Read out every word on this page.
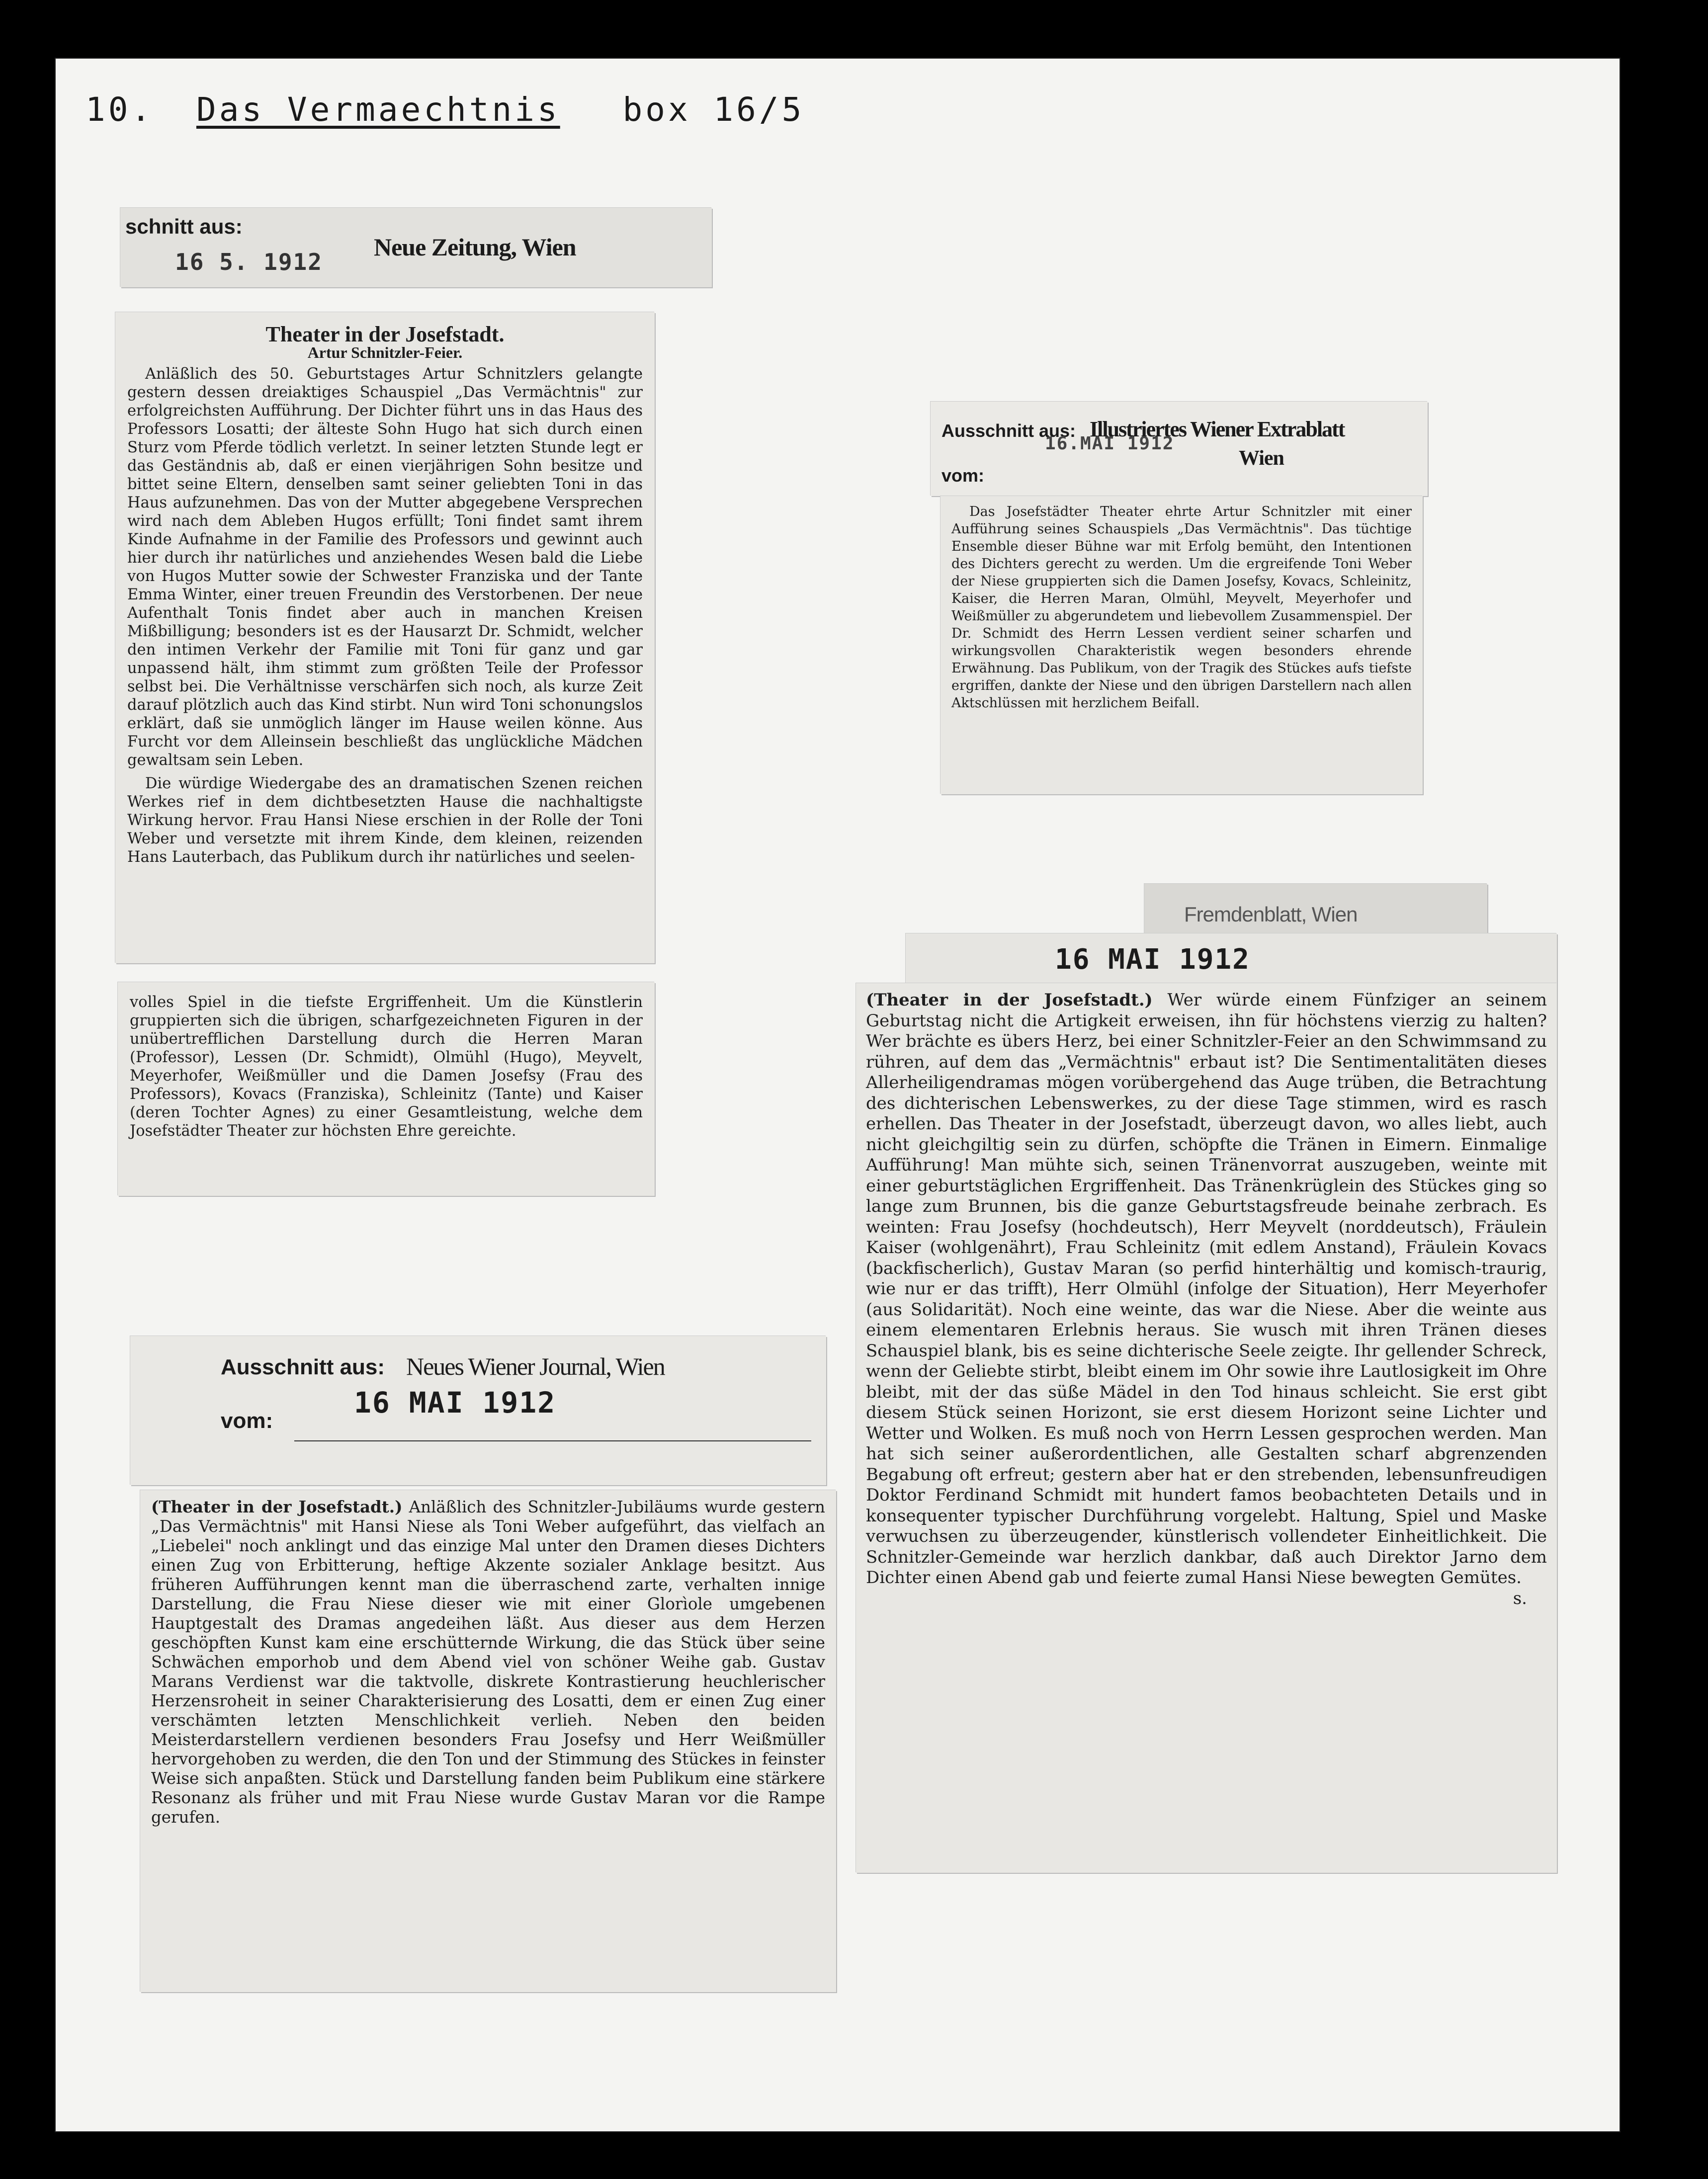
10. Das Vermaechtnis box 16/5
schnitt aus:
Neue Zeitung, Wien
16 5. 1912
Theater in der Josefstadt.
Artur Schnitzler-Feier.

Anläßlich des 50. Geburtstages Artur Schnitzlers gelangte gestern dessen dreiaktiges Schauspiel „Das Vermächtnis" zur erfolgreichsten Aufführung. Der Dichter führt uns in das Haus des Professors Losatti; der älteste Sohn Hugo hat sich durch einen Sturz vom Pferde tödlich verletzt. In seiner letzten Stunde legt er das Geständnis ab, daß er einen vierjährigen Sohn besitze und bittet seine Eltern, denselben samt seiner geliebten Toni in das Haus aufzunehmen. Das von der Mutter abgegebene Versprechen wird nach dem Ableben Hugos erfüllt; Toni findet samt ihrem Kinde Aufnahme in der Familie des Professors und gewinnt auch hier durch ihr natürliches und anziehendes Wesen bald die Liebe von Hugos Mutter sowie der Schwester Franziska und der Tante Emma Winter, einer treuen Freundin des Verstorbenen. Der neue Aufenthalt Tonis findet aber auch in manchen Kreisen Mißbilligung; besonders ist es der Hausarzt Dr. Schmidt, welcher den intimen Verkehr der Familie mit Toni für ganz und gar unpassend hält, ihm stimmt zum größten Teile der Professor selbst bei. Die Verhältnisse verschärfen sich noch, als kurze Zeit darauf plötzlich auch das Kind stirbt. Nun wird Toni schonungslos erklärt, daß sie unmöglich länger im Hause weilen könne. Aus Furcht vor dem Alleinsein beschließt das unglückliche Mädchen gewaltsam sein Leben.

Die würdige Wiedergabe des an dramatischen Szenen reichen Werkes rief in dem dichtbesetzten Hause die nachhaltigste Wirkung hervor. Frau Hansi Niese erschien in der Rolle der Toni Weber und versetzte mit ihrem Kinde, dem kleinen, reizenden Hans Lauterbach, das Publikum durch ihr natürliches und seelen-

volles Spiel in die tiefste Ergriffenheit. Um die Künstlerin gruppierten sich die übrigen, scharfgezeichneten Figuren in der unübertrefflichen Darstellung durch die Herren Maran (Professor), Lessen (Dr. Schmidt), Olmühl (Hugo), Meyvelt, Meyerhofer, Weißmüller und die Damen Josefsy (Frau des Professors), Kovacs (Franziska), Schleinitz (Tante) und Kaiser (deren Tochter Agnes) zu einer Gesamtleistung, welche dem Josefstädter Theater zur höchsten Ehre gereichte.

Ausschnitt aus: Illustriertes Wiener Extrablatt
16.MAI 1912
Wien
vom:

Das Josefstädter Theater ehrte Artur Schnitzler mit einer Aufführung seines Schauspiels „Das Vermächtnis". Das tüchtige Ensemble dieser Bühne war mit Erfolg bemüht, den Intentionen des Dichters gerecht zu werden. Um die ergreifende Toni Weber der Niese gruppierten sich die Damen Josefsy, Kovacs, Schleinitz, Kaiser, die Herren Maran, Olmühl, Meyvelt, Meyerhofer und Weißmüller zu abgerundetem und liebevollem Zusammenspiel. Der Dr. Schmidt des Herrn Lessen verdient seiner scharfen und wirkungsvollen Charakteristik wegen besonders ehrende Erwähnung. Das Publikum, von der Tragik des Stückes aufs tiefste ergriffen, dankte der Niese und den übrigen Darstellern nach allen Aktschlüssen mit herzlichem Beifall.

Fremdenblatt, Wien
16 MAI 1912

(Theater in der Josefstadt.) Wer würde einem Fünfziger an seinem Geburtstag nicht die Artigkeit erweisen, ihn für höchstens vierzig zu halten? Wer brächte es übers Herz, bei einer Schnitzler-Feier an den Schwimmsand zu rühren, auf dem das „Vermächtnis" erbaut ist? Die Sentimentalitäten dieses Allerheiligendramas mögen vorübergehend das Auge trüben, die Betrachtung des dichterischen Lebenswerkes, zu der diese Tage stimmen, wird es rasch erhellen. Das Theater in der Josefstadt, überzeugt davon, wo alles liebt, auch nicht gleichgiltig sein zu dürfen, schöpfte die Tränen in Eimern. Einmalige Aufführung! Man mühte sich, seinen Tränenvorrat auszugeben, weinte mit einer geburtstäglichen Ergriffenheit. Das Tränenkrüglein des Stückes ging so lange zum Brunnen, bis die ganze Geburtstagsfreude beinahe zerbrach. Es weinten: Frau Josefsy (hochdeutsch), Herr Meyvelt (norddeutsch), Fräulein Kaiser (wohlgenährt), Frau Schleinitz (mit edlem Anstand), Fräulein Kovacs (backfischerlich), Gustav Maran (so perfid hinterhältig und komisch-traurig, wie nur er das trifft), Herr Olmühl (infolge der Situation), Herr Meyerhofer (aus Solidarität). Noch eine weinte, das war die Niese. Aber die weinte aus einem elementaren Erlebnis heraus. Sie wusch mit ihren Tränen dieses Schauspiel blank, bis es seine dichterische Seele zeigte. Ihr gellender Schreck, wenn der Geliebte stirbt, bleibt einem im Ohr sowie ihre Lautlosigkeit im Ohre bleibt, mit der das süße Mädel in den Tod hinaus schleicht. Sie erst gibt diesem Stück seinen Horizont, sie erst diesem Horizont seine Lichter und Wetter und Wolken. Es muß noch von Herrn Lessen gesprochen werden. Man hat sich seiner außerordentlichen, alle Gestalten scharf abgrenzenden Begabung oft erfreut; gestern aber hat er den strebenden, lebensunfreudigen Doktor Ferdinand Schmidt mit hundert famos beobachteten Details und in konsequenter typischer Durchführung vorgelebt. Haltung, Spiel und Maske verwuchsen zu überzeugender, künstlerisch vollendeter Einheitlichkeit. Die Schnitzler-Gemeinde war herzlich dankbar, daß auch Direktor Jarno dem Dichter einen Abend gab und feierte zumal Hansi Niese bewegten Gemütes.

s.
Ausschnitt aus: Neues Wiener Journal, Wien
vom:
16 MAI 1912

(Theater in der Josefstadt.) Anläßlich des Schnitzler-Jubiläums wurde gestern „Das Vermächtnis" mit Hansi Niese als Toni Weber aufgeführt, das vielfach an „Liebelei" noch anklingt und das einzige Mal unter den Dramen dieses Dichters einen Zug von Erbitterung, heftige Akzente sozialer Anklage besitzt. Aus früheren Aufführungen kennt man die überraschend zarte, verhalten innige Darstellung, die Frau Niese dieser wie mit einer Glorìole umgebenen Hauptgestalt des Dramas angedeihen läßt. Aus dieser aus dem Herzen geschöpften Kunst kam eine erschütternde Wirkung, die das Stück über seine Schwächen emporhob und dem Abend viel von schöner Weihe gab. Gustav Marans Verdienst war die taktvolle, diskrete Kontrastierung heuchlerischer Herzensroheit in seiner Charakterisierung des Losatti, dem er einen Zug einer verschämten letzten Menschlichkeit verlieh. Neben den beiden Meisterdarstellern verdienen besonders Frau Josefsy und Herr Weißmüller hervorgehoben zu werden, die den Ton und der Stimmung des Stückes in feinster Weise sich anpaßten. Stück und Darstellung fanden beim Publikum eine stärkere Resonanz als früher und mit Frau Niese wurde Gustav Maran vor die Rampe gerufen.
